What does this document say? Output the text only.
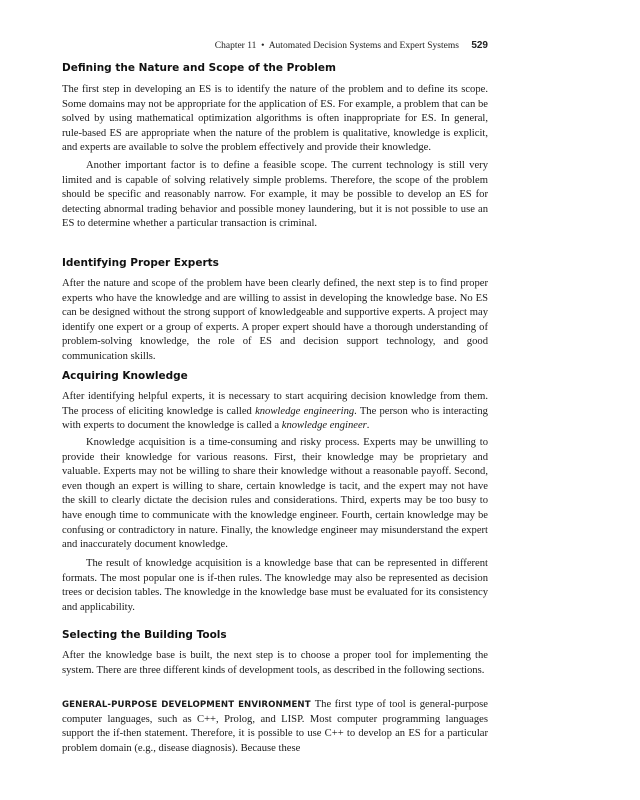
Chapter 11 • Automated Decision Systems and Expert Systems 529
Defining the Nature and Scope of the Problem

The first step in developing an ES is to identify the nature of the problem and to define its scope. Some domains may not be appropriate for the application of ES. For example, a problem that can be solved by using mathematical optimization algorithms is often inappropriate for ES. In general, rule-based ES are appropriate when the nature of the problem is qualitative, knowledge is explicit, and experts are available to solve the problem effectively and provide their knowledge.

Another important factor is to define a feasible scope. The current technology is still very limited and is capable of solving relatively simple problems. Therefore, the scope of the problem should be specific and reasonably narrow. For example, it may be possible to develop an ES for detecting abnormal trading behavior and possible money laundering, but it is not possible to use an ES to determine whether a particular transaction is criminal.

Identifying Proper Experts

After the nature and scope of the problem have been clearly defined, the next step is to find proper experts who have the knowledge and are willing to assist in developing the knowledge base. No ES can be designed without the strong support of knowledgeable and supportive experts. A project may identify one expert or a group of experts. A proper expert should have a thorough understanding of problem-solving knowledge, the role of ES and decision support technology, and good communication skills.

Acquiring Knowledge

After identifying helpful experts, it is necessary to start acquiring decision knowledge from them. The process of eliciting knowledge is called knowledge engineering. The person who is interacting with experts to document the knowledge is called a knowledge engineer.

Knowledge acquisition is a time-consuming and risky process. Experts may be unwilling to provide their knowledge for various reasons. First, their knowledge may be proprietary and valuable. Experts may not be willing to share their knowledge without a reasonable payoff. Second, even though an expert is willing to share, certain knowledge is tacit, and the expert may not have the skill to clearly dictate the decision rules and considerations. Third, experts may be too busy to have enough time to communicate with the knowledge engineer. Fourth, certain knowledge may be confusing or contradictory in nature. Finally, the knowledge engineer may misunderstand the expert and inaccurately document knowledge.

The result of knowledge acquisition is a knowledge base that can be represented in different formats. The most popular one is if-then rules. The knowledge may also be represented as decision trees or decision tables. The knowledge in the knowledge base must be evaluated for its consistency and applicability.

Selecting the Building Tools

After the knowledge base is built, the next step is to choose a proper tool for implementing the system. There are three different kinds of development tools, as described in the following sections.

GENERAL-PURPOSE DEVELOPMENT ENVIRONMENT The first type of tool is general-purpose computer languages, such as C++, Prolog, and LISP. Most computer programming languages support the if-then statement. Therefore, it is possible to use C++ to develop an ES for a particular problem domain (e.g., disease diagnosis). Because these
